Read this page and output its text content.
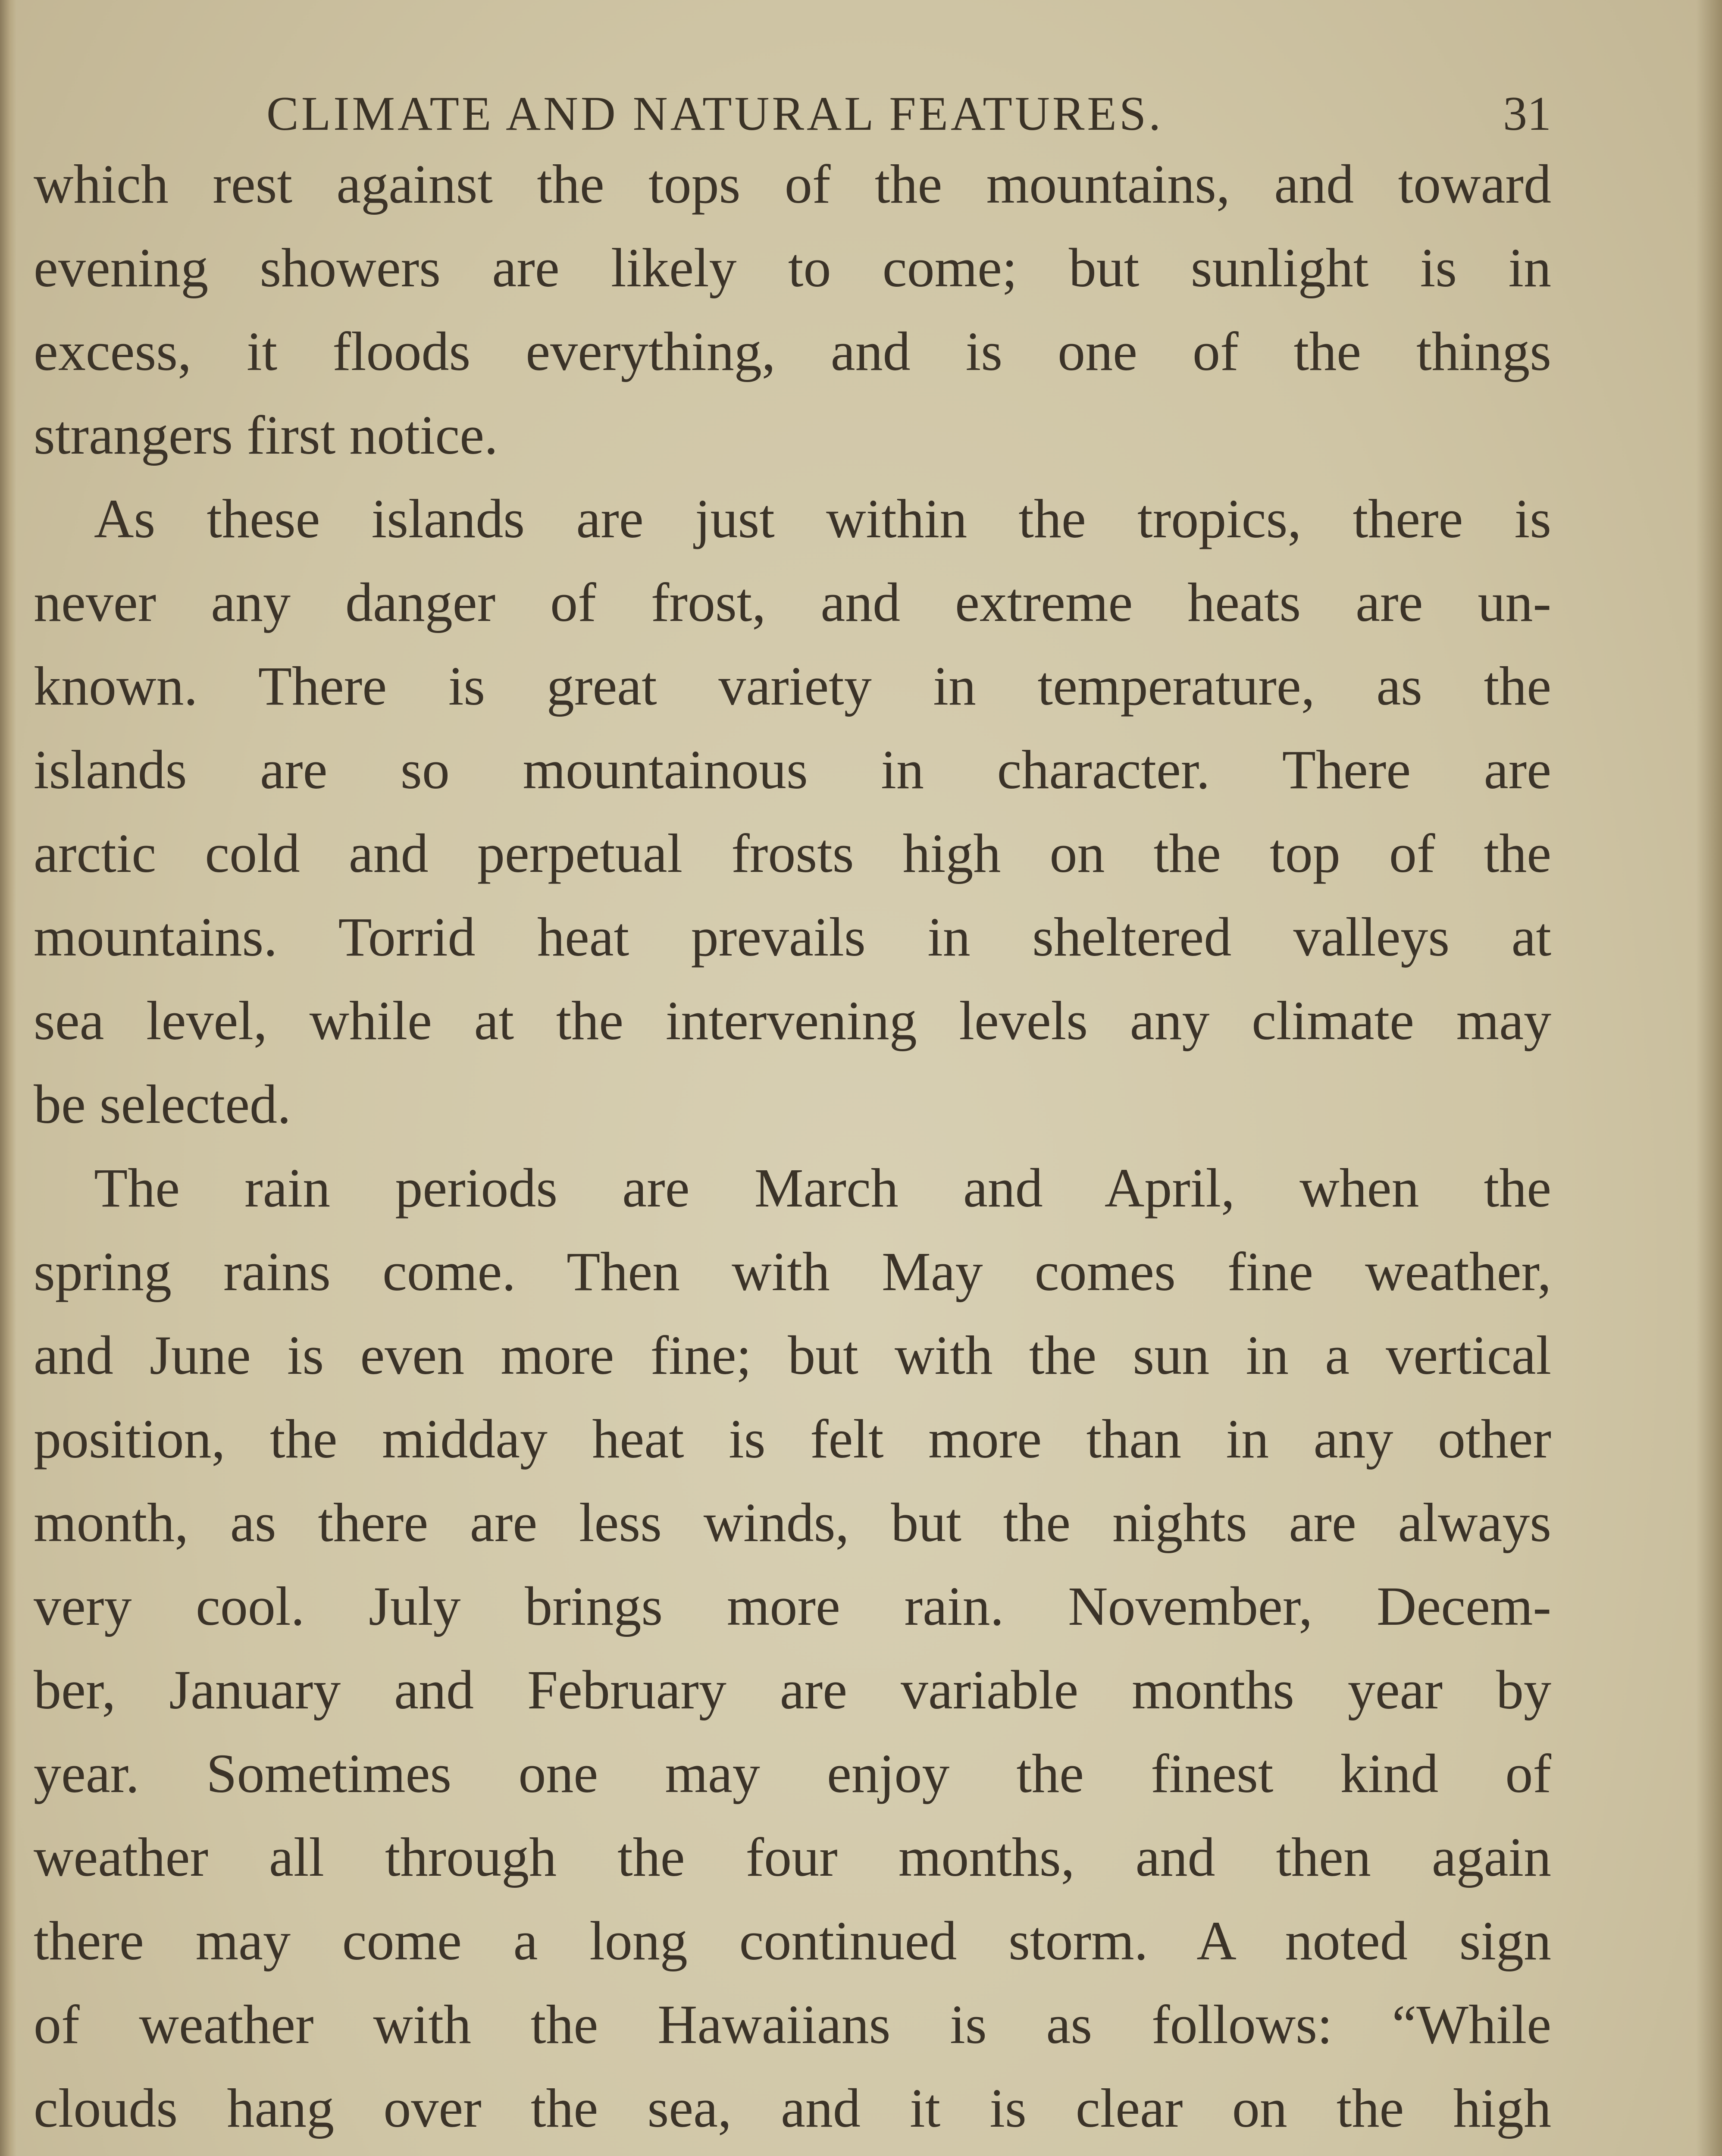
CLIMATE AND NATURAL FEATURES.	31
which rest against the tops of the mountains, and toward
evening showers are likely to come; but sunlight is in
excess, it floods everything, and is one of the things
strangers first notice.
As these islands are just within the tropics, there is
never any danger of frost, and extreme heats are un-
known. There is great variety in temperature, as the
islands are so mountainous in character. There are
arctic cold and perpetual frosts high on the top of the
mountains. Torrid heat prevails in sheltered valleys at
sea level, while at the intervening levels any climate may
be selected.
The rain periods are March and April, when the
spring rains come. Then with May comes fine weather,
and June is even more fine; but with the sun in a vertical
position, the midday heat is felt more than in any other
month, as there are less winds, but the nights are always
very cool. July brings more rain. November, Decem-
ber, January and February are variable months year by
year. Sometimes one may enjoy the finest kind of
weather all through the four months, and then again
there may come a long continued storm. A noted sign
of weather with the Hawaiians is as follows: “While
clouds hang over the sea, and it is clear on the high
